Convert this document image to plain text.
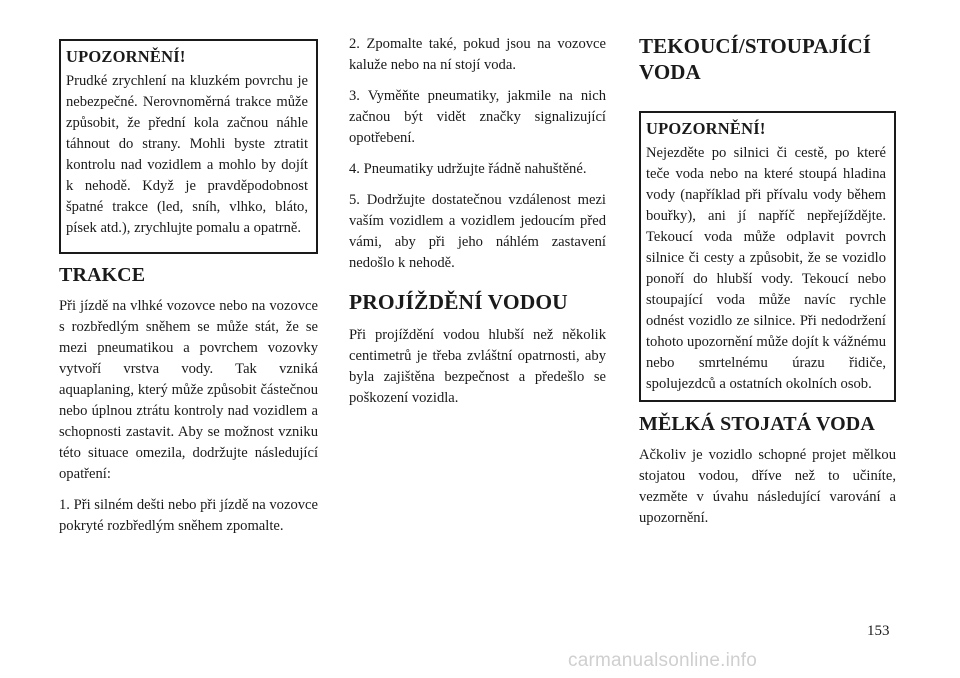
UPOZORNĚNÍ!

Prudké zrychlení na kluzkém povrchu je nebezpečné. Nerovnoměrná trakce může způsobit, že přední kola začnou náhle táhnout do strany. Mohli byste ztratit kontrolu nad vozidlem a mohlo by dojít k nehodě. Když je pravděpodobnost špatné trakce (led, sníh, vlhko, bláto, písek atd.), zrychlujte pomalu a opatrně.

TRAKCE

Při jízdě na vlhké vozovce nebo na vozovce s rozbředlým sněhem se může stát, že se mezi pneumatikou a povrchem vozovky vytvoří vrstva vody. Tak vzniká aquaplaning, který může způsobit částečnou nebo úplnou ztrátu kontroly nad vozidlem a schopnosti zastavit. Aby se možnost vzniku této situace omezila, dodržujte následující opatření:

1. Při silném dešti nebo při jízdě na vozovce pokryté rozbředlým sněhem zpomalte.

2. Zpomalte také, pokud jsou na vozovce kaluže nebo na ní stojí voda.

3. Vyměňte pneumatiky, jakmile na nich začnou být vidět značky signalizující opotřebení.

4. Pneumatiky udržujte řádně nahuštěné.

5. Dodržujte dostatečnou vzdálenost mezi vaším vozidlem a vozidlem jedoucím před vámi, aby při jeho náhlém zastavení nedošlo k nehodě.

PROJÍŽDĚNÍ VODOU

Při projíždění vodou hlubší než několik centimetrů je třeba zvláštní opatrnosti, aby byla zajištěna bezpečnost a předešlo se poškození vozidla.

TEKOUCÍ/STOUPAJÍCÍ
VODA

UPOZORNĚNÍ!

Nejezděte po silnici či cestě, po které teče voda nebo na které stoupá hladina vody (například při přívalu vody během bouřky), ani jí napříč nepřejíždějte. Tekoucí voda může odplavit povrch silnice či cesty a způsobit, že se vozidlo ponoří do hlubší vody. Tekoucí nebo stoupající voda může navíc rychle odnést vozidlo ze silnice. Při nedodržení tohoto upozornění může dojít k vážnému nebo smrtelnému úrazu řidiče, spolujezdců a ostatních okolních osob.

MĚLKÁ STOJATÁ VODA

Ačkoliv je vozidlo schopné projet mělkou stojatou vodou, dříve než to učiníte, vezměte v úvahu následující varování a upozornění.

153
carmanualsonline.info
